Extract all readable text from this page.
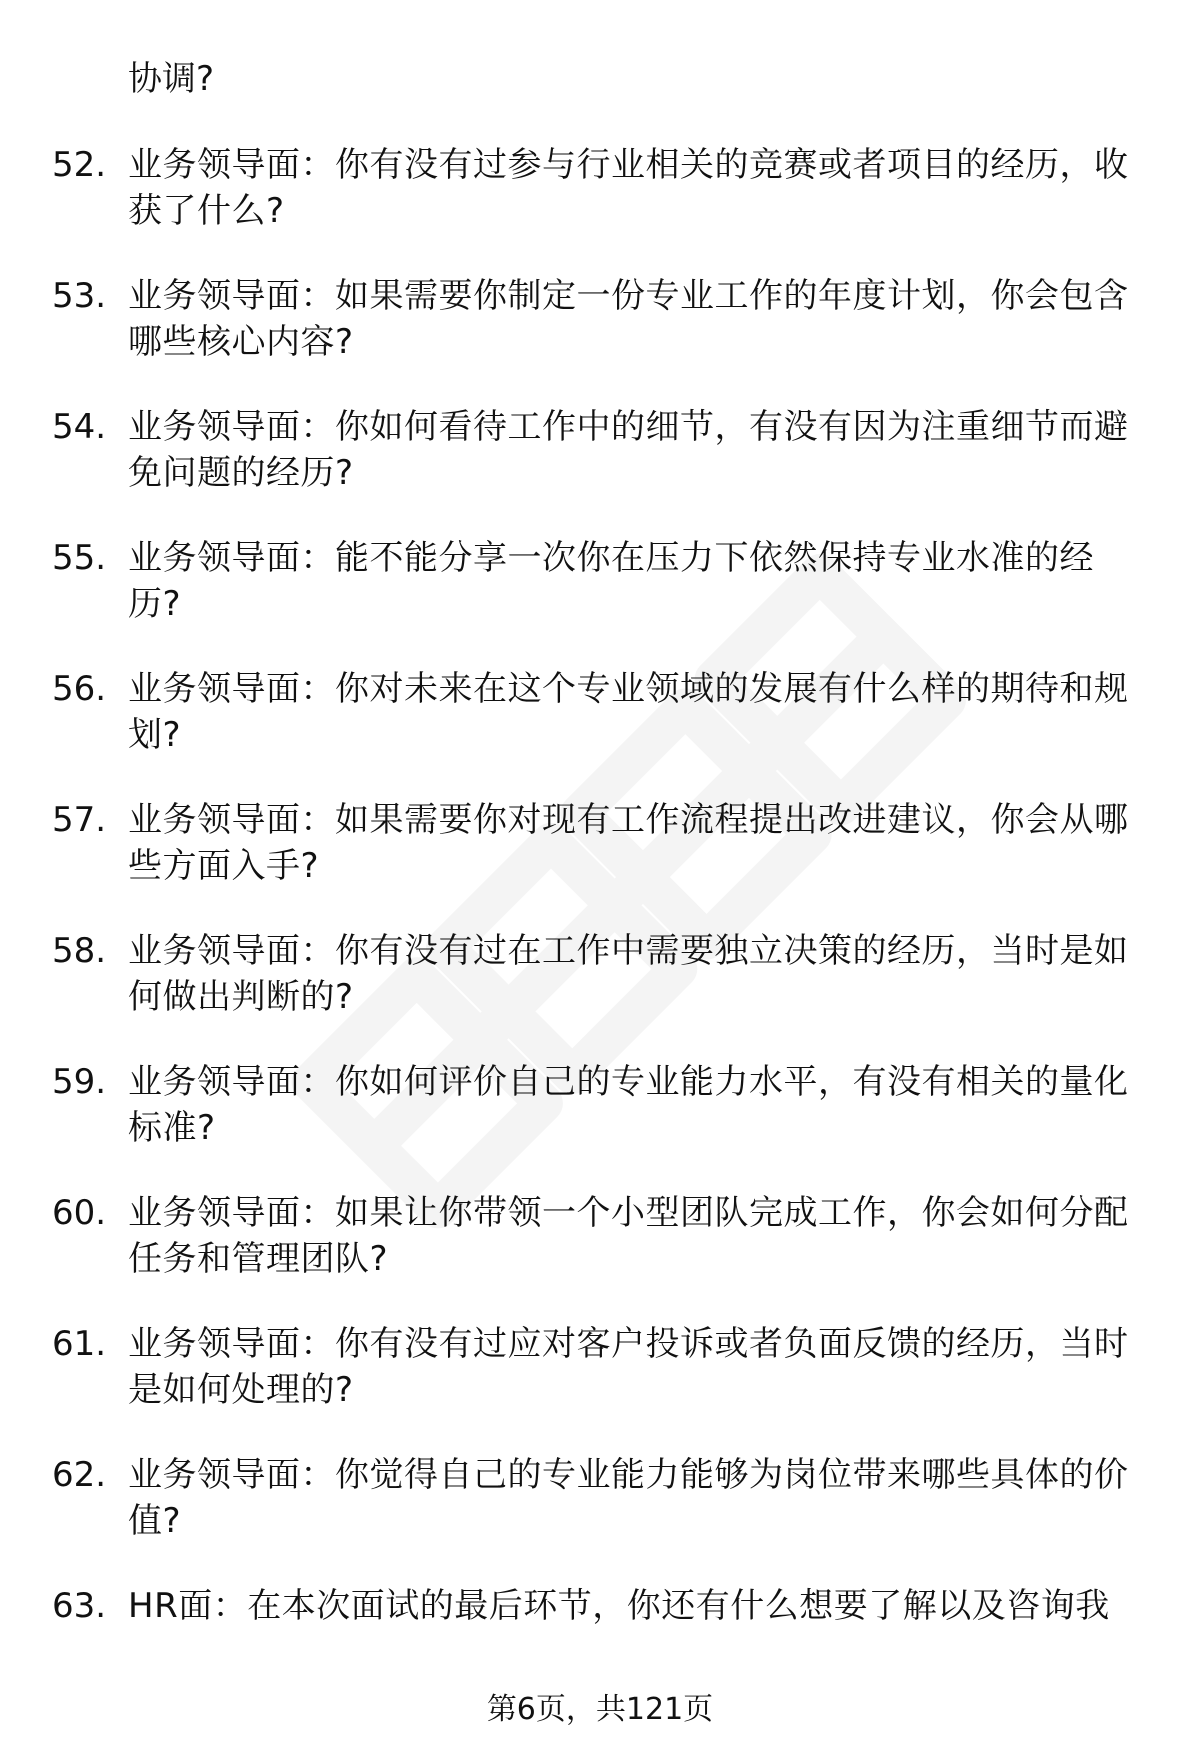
协调?
52. 业务领导面：你有没有过参与行业相关的竞赛或者项目的经历，收获了什么?
53. 业务领导面：如果需要你制定一份专业工作的年度计划，你会包含哪些核心内容?
54. 业务领导面：你如何看待工作中的细节，有没有因为注重细节而避免问题的经历?
55. 业务领导面：能不能分享一次你在压力下依然保持专业水准的经历?
56. 业务领导面：你对未来在这个专业领域的发展有什么样的期待和规划?
57. 业务领导面：如果需要你对现有工作流程提出改进建议，你会从哪些方面入手?
58. 业务领导面：你有没有过在工作中需要独立决策的经历，当时是如何做出判断的?
59. 业务领导面：你如何评价自己的专业能力水平，有没有相关的量化标准?
60. 业务领导面：如果让你带领一个小型团队完成工作，你会如何分配任务和管理团队?
61. 业务领导面：你有没有过应对客户投诉或者负面反馈的经历，当时是如何处理的?
62. 业务领导面：你觉得自己的专业能力能够为岗位带来哪些具体的价值?
63. HR面：在本次面试的最后环节，你还有什么想要了解以及咨询我
第6页，共121页
